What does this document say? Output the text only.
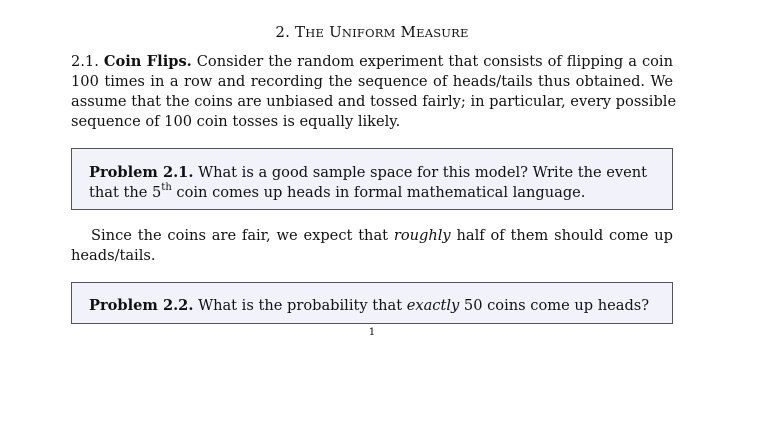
2. THE UNIFORM MEASURE
2.1. Coin Flips. Consider the random experiment that consists of flipping a coin
100 times in a row and recording the sequence of heads/tails thus obtained. We
assume that the coins are unbiased and tossed fairly; in particular, every possible
sequence of 100 coin tosses is equally likely.
Problem 2.1. What is a good sample space for this model? Write the event
that the 5th coin comes up heads in formal mathematical language.
Since the coins are fair, we expect that roughly half of them should come up
heads/tails.
Problem 2.2. What is the probability that exactly 50 coins come up heads?
1
